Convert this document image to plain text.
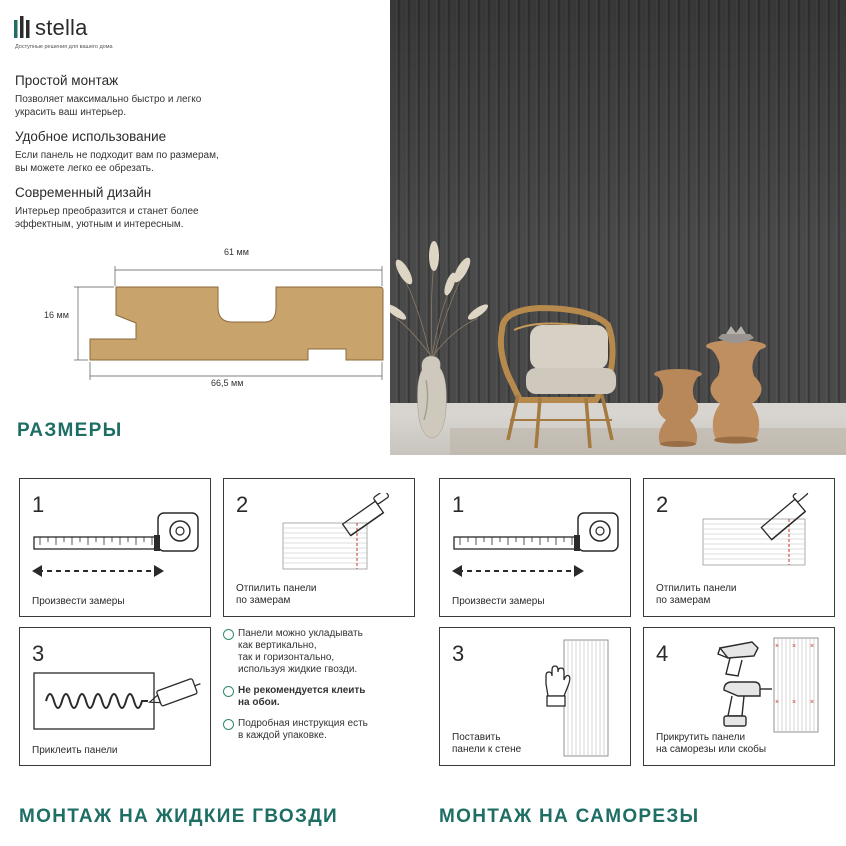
stella
Доступные решения для вашего дома
Простой монтаж
Позволяет максимально быстро и легко
украсить ваш интерьер.
Удобное использование
Если панель не подходит вам по размерам,
вы можете легко ее обрезать.
Современный дизайн
Интерьер преобразится и станет более
эффектным, уютным и интересным.
61 мм
16 мм
66,5 мм
РАЗМЕРЫ
1
Произвести замеры
2
Отпилить панели
по замерам
3
Приклеить панели
Панели можно укладывать
как вертикально,
так и горизонтально,
используя жидкие гвозди.
Не рекомендуется клеить
на обои.
Подробная инструкция есть
в каждой упаковке.
1
Произвести замеры
2
Отпилить панели
по замерам
3
Поставить
панели к стене
4	× × ×
× × ×
Прикрутить панели
на саморезы или скобы
МОНТАЖ НА ЖИДКИЕ ГВОЗДИ	МОНТАЖ НА САМОРЕЗЫ
